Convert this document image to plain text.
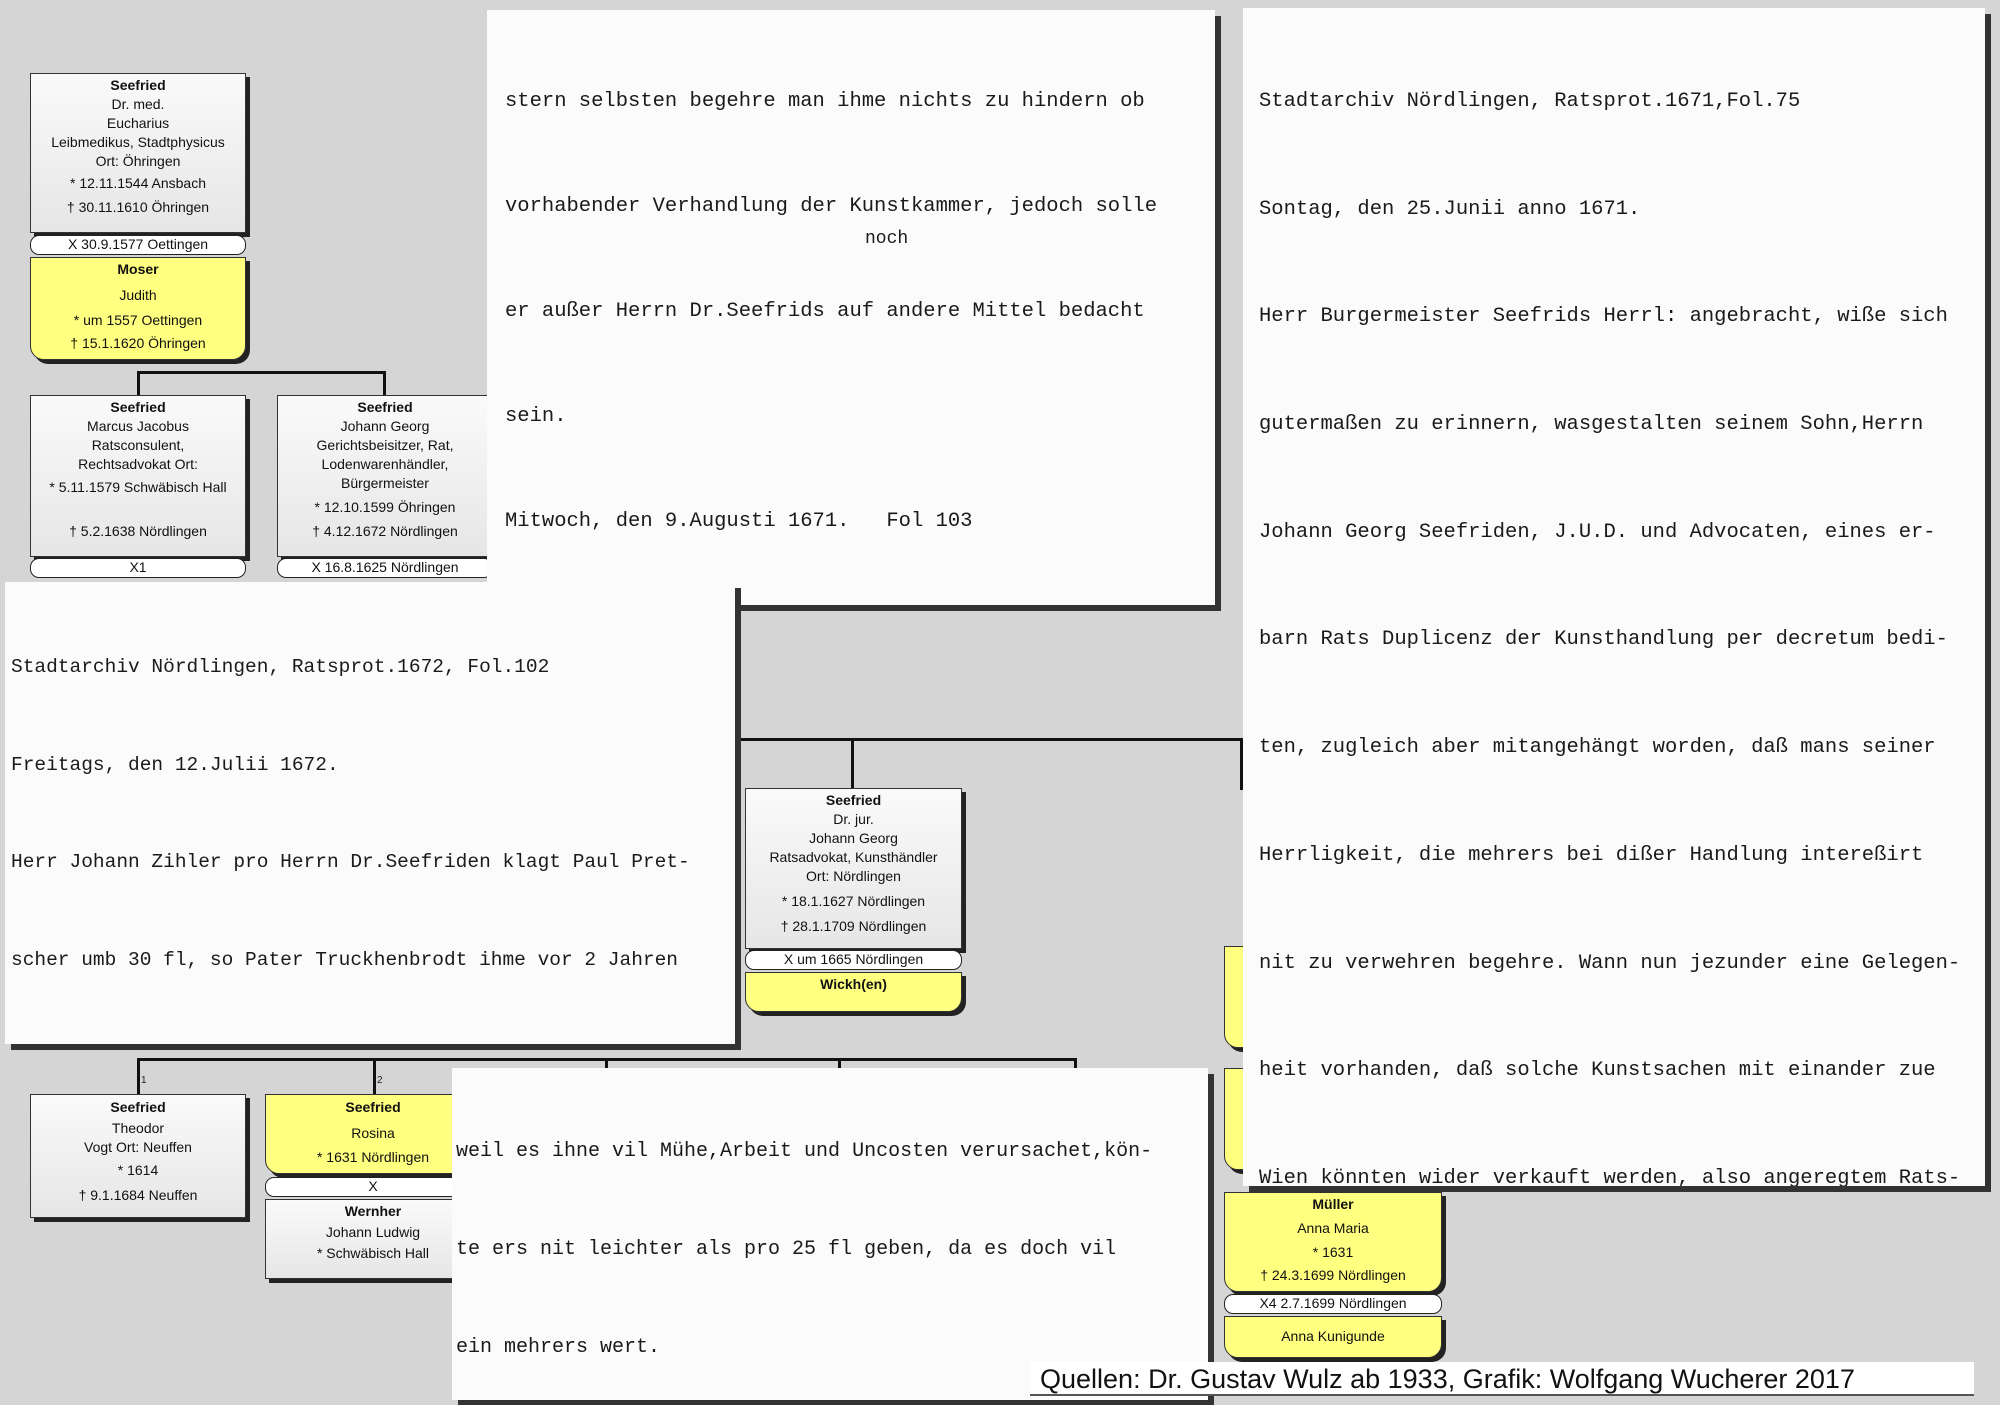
1	2
Seefried
Dr. med.
Eucharius
Leibmedikus, Stadtphysicus
Ort: Öhringen
* 12.11.1544 Ansbach
† 30.11.1610 Öhringen
X 30.9.1577 Oettingen
Moser
Judith
* um 1557 Oettingen
† 15.1.1620 Öhringen
Seefried
Marcus Jacobus
Ratsconsulent,
Rechtsadvokat Ort:
* 5.11.1579 Schwäbisch Hall
† 5.2.1638 Nördlingen
X1
Seefried
Johann Georg
Gerichtsbeisitzer, Rat,
Lodenwarenhändler,
Bürgermeister
* 12.10.1599 Öhringen
† 4.12.1672 Nördlingen
X 16.8.1625 Nördlingen
Seefried
Dr. jur.
Johann Georg
Ratsadvokat, Kunsthändler
Ort: Nördlingen
* 18.1.1627 Nördlingen
† 28.1.1709 Nördlingen
X um 1665 Nördlingen
Wickh(en)
Seefried
Theodor
Vogt Ort: Neuffen
* 1614
† 9.1.1684 Neuffen
Seefried
Rosina
* 1631 Nördlingen
X
Wernher
Johann Ludwig
* Schwäbisch Hall
Müller
Anna Maria
* 1631
† 24.3.1699 Nördlingen
X4 2.7.1699 Nördlingen
Anna Kunigunde

stern selbsten begehre man ihme nichts zu hindern ob

vorhabender Verhandlung der Kunstkammer, jedoch solle

er außer Herrn Dr.Seefrids auf andere Mittel bedacht

sein.

Mitwoch, den 9.Augusti 1671.   Fol 103

noch

Stadtarchiv Nördlingen, Ratsprot.1671,Fol.75

Sontag, den 25.Junii anno 1671.

Herr Burgermeister Seefrids Herrl: angebracht, wiße sich

gutermaßen zu erinnern, wasgestalten seinem Sohn,Herrn

Johann Georg Seefriden, J.U.D. und Advocaten, eines er-

barn Rats Duplicenz der Kunsthandlung per decretum bedi-

ten, zugleich aber mitangehängt worden, daß mans seiner

Herrligkeit, die mehrers bei dißer Handlung intereßirt

nit zu verwehren begehre. Wann nun jezunder eine Gelegen-

heit vorhanden, daß solche Kunstsachen mit einander zue

Wien könnten wider verkauft werden, also angeregtem Rats-

Stadtarchiv Nördlingen, Ratsprot.1672, Fol.102

Freitags, den 12.Julii 1672.

Herr Johann Zihler pro Herrn Dr.Seefriden klagt Paul Pret-

scher umb 30 fl, so Pater Truckhenbrodt ihme vor 2 Jahren

weil es ihne vil Mühe,Arbeit und Uncosten verursachet,kön-

te ers nit leichter als pro 25 fl geben, da es doch vil

ein mehrers wert.

Quellen: Dr. Gustav Wulz ab 1933, Grafik: Wolfgang Wucherer 2017
